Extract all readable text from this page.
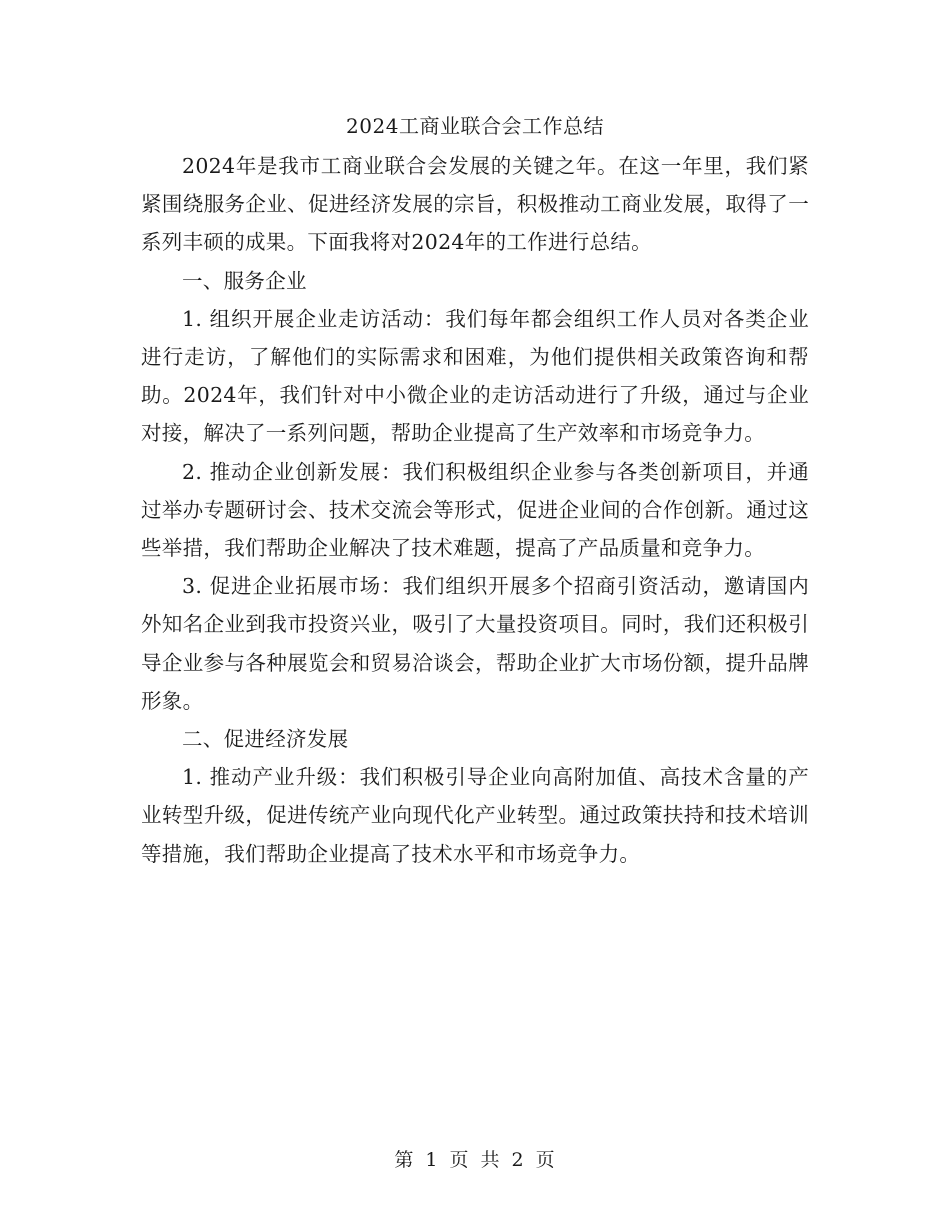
2024工商业联合会工作总结

2024年是我市工商业联合会发展的关键之年。在这一年里，我们紧紧围绕服务企业、促进经济发展的宗旨，积极推动工商业发展，取得了一系列丰硕的成果。下面我将对2024年的工作进行总结。

一、服务企业

1. 组织开展企业走访活动：我们每年都会组织工作人员对各类企业进行走访，了解他们的实际需求和困难，为他们提供相关政策咨询和帮助。2024年，我们针对中小微企业的走访活动进行了升级，通过与企业对接，解决了一系列问题，帮助企业提高了生产效率和市场竞争力。

2. 推动企业创新发展：我们积极组织企业参与各类创新项目，并通过举办专题研讨会、技术交流会等形式，促进企业间的合作创新。通过这些举措，我们帮助企业解决了技术难题，提高了产品质量和竞争力。

3. 促进企业拓展市场：我们组织开展多个招商引资活动，邀请国内外知名企业到我市投资兴业，吸引了大量投资项目。同时，我们还积极引导企业参与各种展览会和贸易洽谈会，帮助企业扩大市场份额，提升品牌形象。

二、促进经济发展

1. 推动产业升级：我们积极引导企业向高附加值、高技术含量的产业转型升级，促进传统产业向现代化产业转型。通过政策扶持和技术培训等措施，我们帮助企业提高了技术水平和市场竞争力。

第 1 页 共 2 页
